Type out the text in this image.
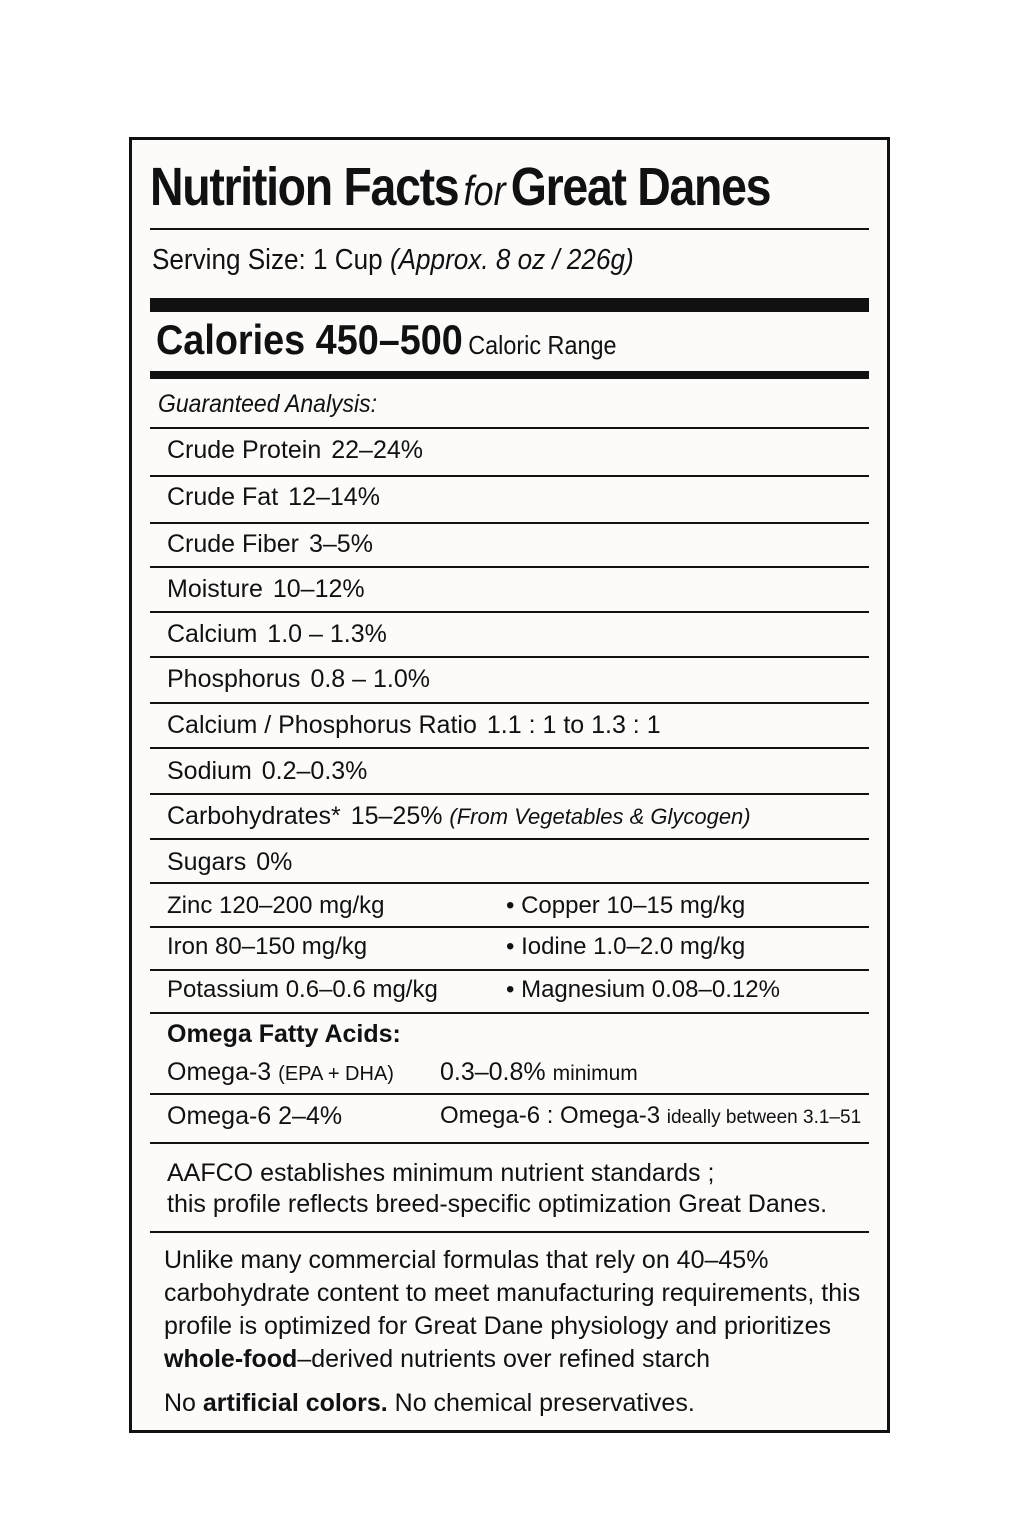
Nutrition Facts forGreat Danes
Serving Size: 1 Cup (Approx. 8 oz / 226g)
Calories 450–500 Caloric Range
Guaranteed Analysis:
Crude Protein 22–24%
Crude Fat 12–14%
Crude Fiber 3–5%
Moisture 10–12%
Calcium 1.0 – 1.3%
Phosphorus 0.8 – 1.0%
Calcium / Phosphorus Ratio 1.1 : 1 to 1.3 : 1
Sodium 0.2–0.3%
Carbohydrates* 15–25% (From Vegetables & Glycogen)
Sugars 0%
Zinc 120–200 mg/kg	• Copper 10–15 mg/kg
Iron 80–150 mg/kg	• Iodine 1.0–2.0 mg/kg
Potassium 0.6–0.6 mg/kg	• Magnesium 0.08–0.12%
Omega Fatty Acids:
Omega-3 (EPA + DHA) 0.3–0.8% minimum
Omega-6 2–4%	Omega-6 : Omega-3 ideally between 3.1–51
AAFCO establishes minimum nutrient standards ;
this profile reflects breed-specific optimization Great Danes.
Unlike many commercial formulas that rely on 40–45% carbohydrate content to meet manufacturing requirements, this profile is optimized for Great Dane physiology and prioritizes whole-food–derived nutrients over refined starch
No artificial colors. No chemical preservatives.
